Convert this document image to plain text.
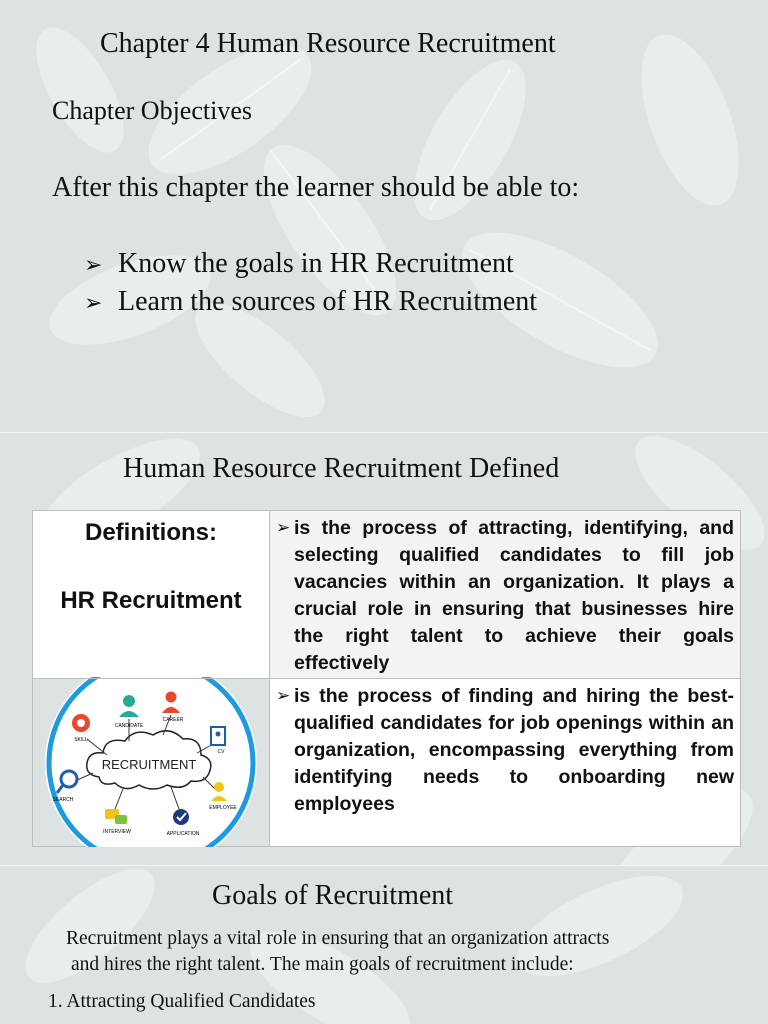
Chapter 4 Human Resource Recruitment
Chapter Objectives
After this chapter the learner should be able to:
➢ Know the goals in HR Recruitment
➢ Learn the sources of HR Recruitment
Human Resource Recruitment Defined
Definitions:
HR Recruitment
➢ is the process of attracting, identifying, and selecting qualified candidates to fill job vacancies within an organization. It plays a crucial role in ensuring that businesses hire the right talent to achieve their goals effectively
RECRUITMENT
CANDIDATE
CAREER
SKILL
CV
SEARCH
EMPLOYEE
INTERVIEW	APPLICATION
➢ is the process of finding and hiring the best-qualified candidates for job openings within an organization, encompassing everything from identifying needs to onboarding new employees
Goals of Recruitment
Recruitment plays a vital role in ensuring that an organization attracts
and hires the right talent. The main goals of recruitment include:
1. Attracting Qualified Candidates
